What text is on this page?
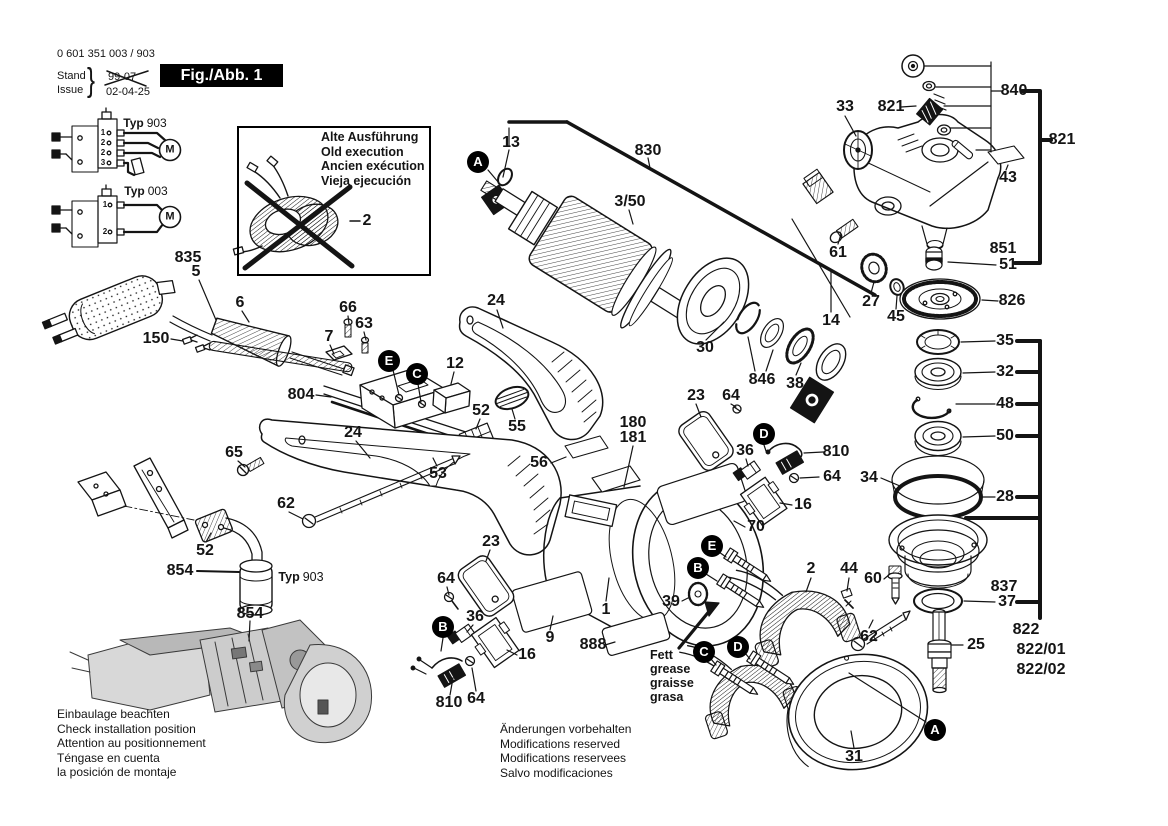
0 601 351 003 / 903
Stand
Issue } 99-07
02-04-25
Fig./Abb. 1
Alte Ausführung
Old execution
Ancien exécution
Vieja ejecución
Typ 903
Typ 003
1
2
2
3
1
2
M
M
Typ 903
Fett
grease
graisse
grasa
Einbaulage beachten
Check installation position
Attention au positionnement
Téngase en cuenta
la posición de montaje
Änderungen vorbehalten
Modifications reserved
Modifications reservees
Salvo modificaciones
13	830
3/50
33 821
840
821
43
61	851
51
27
45
826
14
35
32
48
50
34
28
30
846 38
24
66
63
7
804
835
5
6
150
12
52
55
56
180
181
23 64
36	810
64
16
70
65
24
62
52
854
854
53
23
64
36
16
810 64
9
1
888
39
2 44
60
62	25
837
37
822
822/01
822/02
31
2
A
E
C
D
E
B
B
C	D
A
